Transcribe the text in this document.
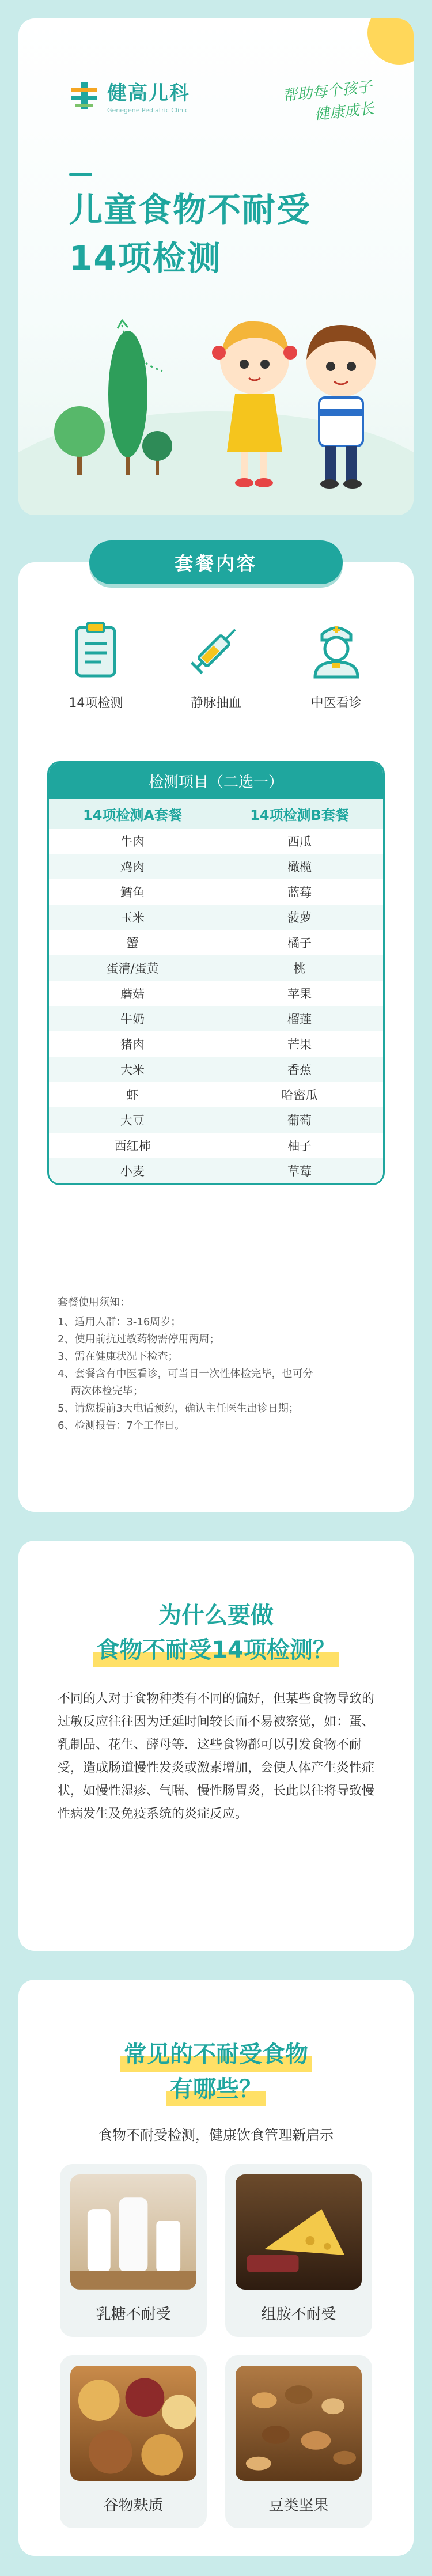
健高儿科
Genegene Pediatric Clinic
帮助每个孩子
健康成长
儿童食物不耐受
14项检测
套餐内容
14项检测	静脉抽血	中医看诊
检测项目（二选一）
14项检测A套餐	14项检测B套餐
牛肉	西瓜
鸡肉	橄榄
鳕鱼	蓝莓
玉米	菠萝
蟹	橘子
蛋清/蛋黄	桃
蘑菇	苹果
牛奶	榴莲
猪肉	芒果
大米	香蕉
虾	哈密瓜
大豆	葡萄
西红柿	柚子
小麦	草莓
套餐使用须知：
1、适用人群：3-16周岁；
2、使用前抗过敏药物需停用两周；
3、需在健康状况下检查；
4、套餐含有中医看诊，可当日一次性体检完毕，也可分
两次体检完毕；
5、请您提前3天电话预约，确认主任医生出诊日期；
6、检测报告：7个工作日。
为什么要做
食物不耐受14项检测？

不同的人对于食物种类有不同的偏好，但某些食物导致的过敏反应往往因为迁延时间较长而不易被察觉，如：蛋、乳制品、花生、酵母等．这些食物都可以引发食物不耐受，造成肠道慢性发炎或激素增加，会使人体产生炎性症状，如慢性湿疹、气喘、慢性肠胃炎，长此以往将导致慢性病发生及免疫系统的炎症反应。

常见的不耐受食物
有哪些？
食物不耐受检测，健康饮食管理新启示
乳糖不耐受	组胺不耐受
谷物麸质	豆类坚果
